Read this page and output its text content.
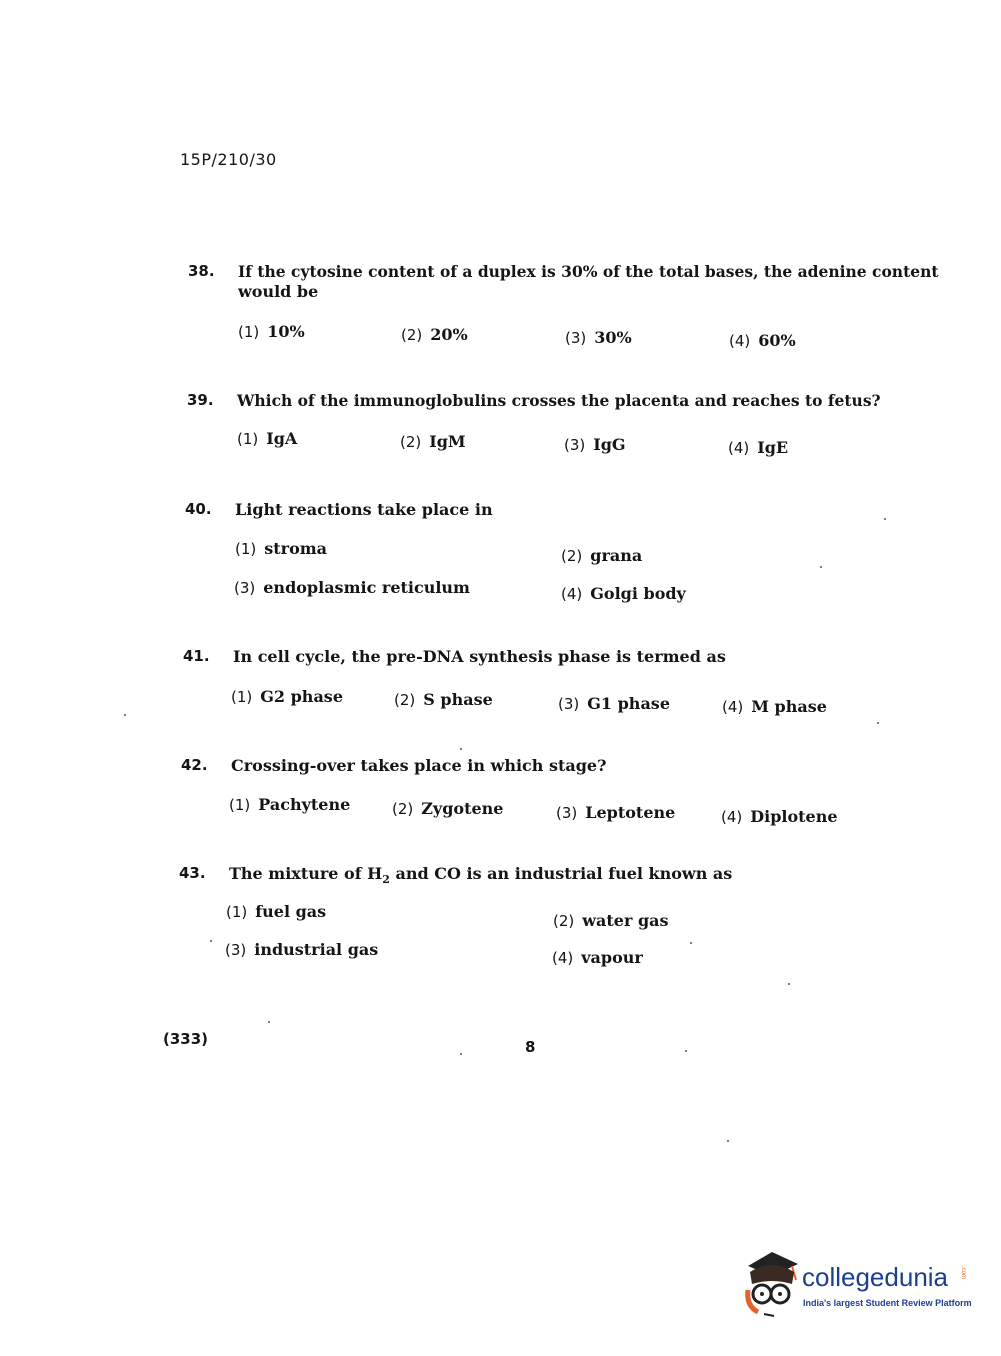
15P/210/30
38. If the cytosine content of a duplex is 30% of the total bases, the adenine content
would be
(1) 10%	(2) 20%	(3) 30%	(4) 60%
39. Which of the immunoglobulins crosses the placenta and reaches to fetus?
(1) IgA	(2) IgM	(3) IgG	(4) IgE
40. Light reactions take place in
(1) stroma	(2) grana
(3) endoplasmic reticulum	(4) Golgi body
41. In cell cycle, the pre-DNA synthesis phase is termed as
(1) G2 phase	(2) S phase	(3) G1 phase	(4) M phase
42. Crossing-over takes place in which stage?
(1) Pachytene	(2) Zygotene	(3) Leptotene	(4) Diplotene
43. The mixture of $H_2$ and CO is an industrial fuel known as
(1) fuel gas	(2) water gas
(3) industrial gas	(4) vapour
(333)	8
collegedunia .com
India's largest Student Review Platform
